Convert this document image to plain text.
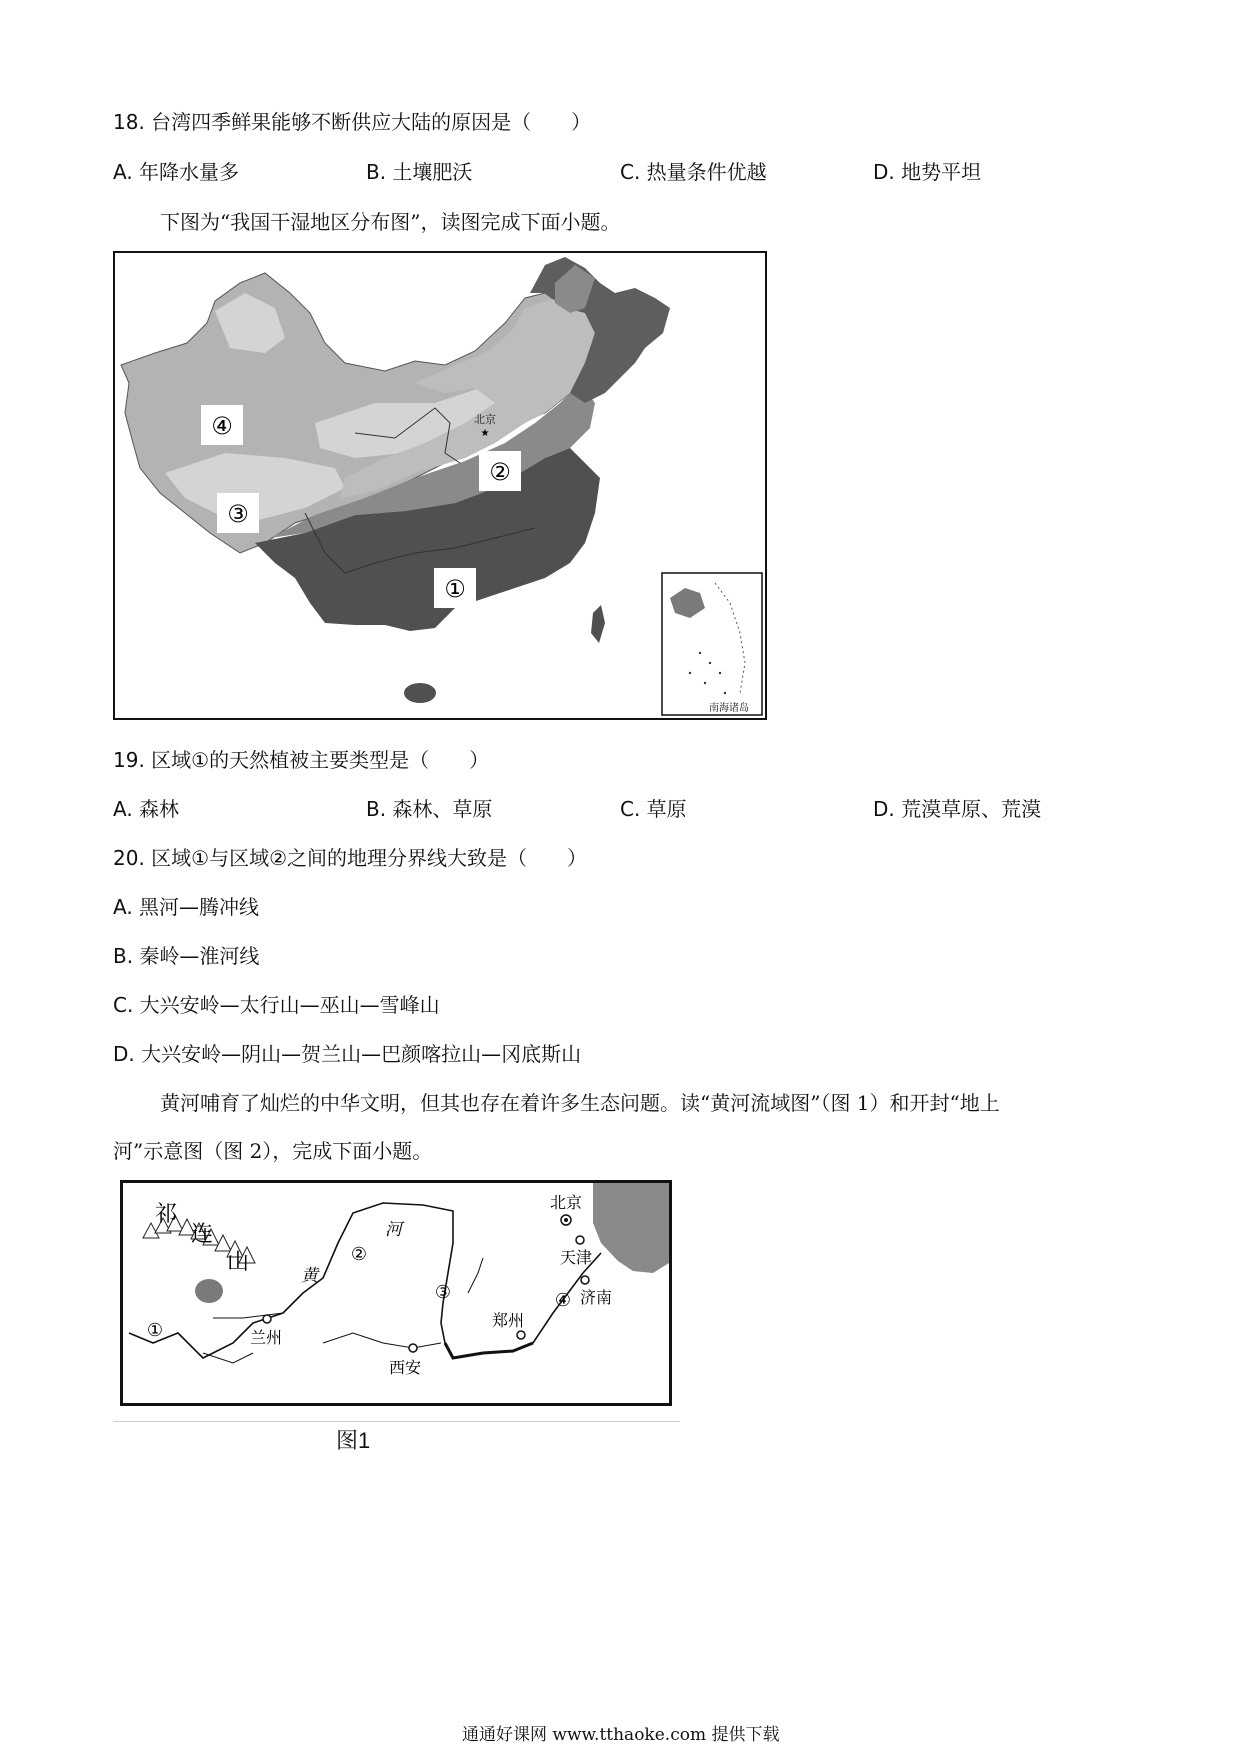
18. 台湾四季鲜果能够不断供应大陆的原因是（　　）
A. 年降水量多	B. 土壤肥沃	C. 热量条件优越	D. 地势平坦
下图为“我国干湿地区分布图”，读图完成下面小题。
南海诸岛
北京
★
④
②
③
①
19. 区域①的天然植被主要类型是（　　）
A. 森林	B. 森林、草原	C. 草原	D. 荒漠草原、荒漠
20. 区域①与区域②之间的地理分界线大致是（　　）
A. 黑河—腾冲线
B. 秦岭—淮河线
C. 大兴安岭—太行山—巫山—雪峰山
D. 大兴安岭—阴山—贺兰山—巴颜喀拉山—冈底斯山
黄河哺育了灿烂的中华文明，但其也存在着许多生态问题。读“黄河流域图”（图 1）和开封“地上
河”示意图（图 2），完成下面小题。
祁
连
山
黄
河
①
②
③	④
北京
天津
济南
郑州
兰州
西安
图1
通通好课网 www.tthaoke.com 提供下载
